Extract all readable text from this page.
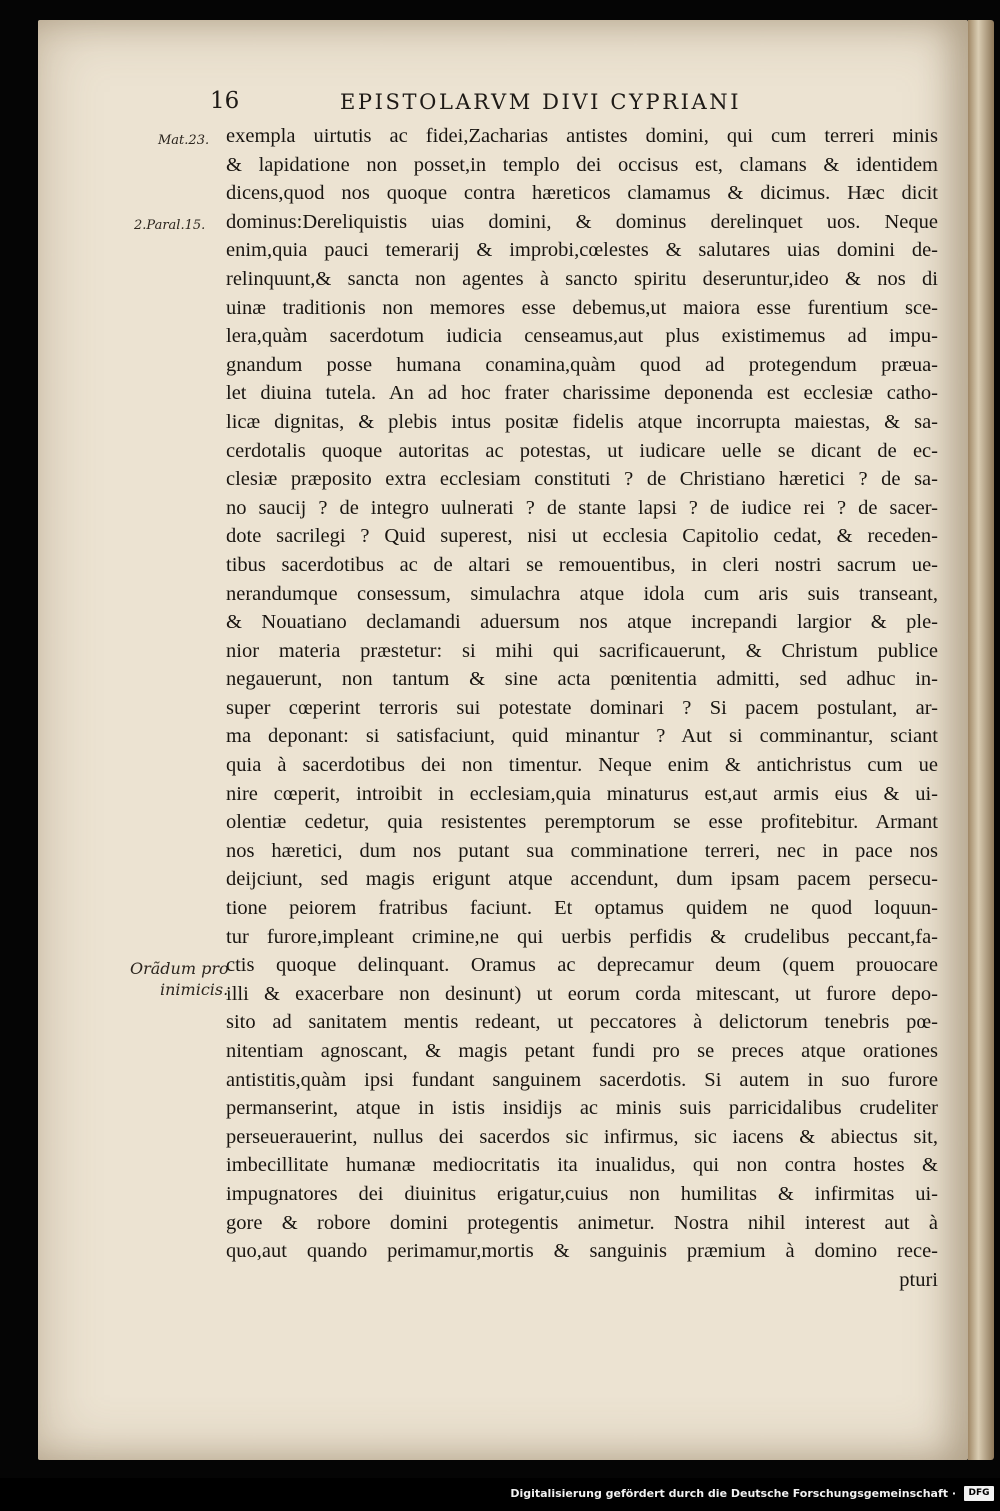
16	EPISTOLARVM DIVI CYPRIANI
Mat.23.
2.Paral.15.
Orãdum pro
inimicis.
exempla uirtutis ac fidei,Zacharias antistes domini, qui cum terreri minis
& lapidatione non posset,in templo dei occisus est, clamans & identidem
dicens,quod nos quoque contra hæreticos clamamus & dicimus. Hæc dicit
dominus:Dereliquistis uias domini, & dominus derelinquet uos. Neque
enim,quia pauci temerarij & improbi,cœlestes & salutares uias domini de-
relinquunt,& sancta non agentes à sancto spiritu deseruntur,ideo & nos di
uinæ traditionis non memores esse debemus,ut maiora esse furentium sce-
lera,quàm sacerdotum iudicia censeamus,aut plus existimemus ad impu-
gnandum posse humana conamina,quàm quod ad protegendum præua-
let diuina tutela. An ad hoc frater charissime deponenda est ecclesiæ catho-
licæ dignitas, & plebis intus positæ fidelis atque incorrupta maiestas, & sa-
cerdotalis quoque autoritas ac potestas, ut iudicare uelle se dicant de ec-
clesiæ præposito extra ecclesiam constituti ? de Christiano hæretici ? de sa-
no saucij ? de integro uulnerati ? de stante lapsi ? de iudice rei ? de sacer-
dote sacrilegi ? Quid superest, nisi ut ecclesia Capitolio cedat, & receden-
tibus sacerdotibus ac de altari se remouentibus, in cleri nostri sacrum ue-
nerandumque consessum, simulachra atque idola cum aris suis transeant,
& Nouatiano declamandi aduersum nos atque increpandi largior & ple-
nior materia præstetur: si mihi qui sacrificauerunt, & Christum publice
negauerunt, non tantum & sine acta pœnitentia admitti, sed adhuc in-
super cœperint terroris sui potestate dominari ? Si pacem postulant, ar-
ma deponant: si satisfaciunt, quid minantur ? Aut si comminantur, sciant
quia à sacerdotibus dei non timentur. Neque enim & antichristus cum ue
nire cœperit, introibit in ecclesiam,quia minaturus est,aut armis eius & ui-
olentiæ cedetur, quia resistentes peremptorum se esse profitebitur. Armant
nos hæretici, dum nos putant sua comminatione terreri, nec in pace nos
deijciunt, sed magis erigunt atque accendunt, dum ipsam pacem persecu-
tione peiorem fratribus faciunt. Et optamus quidem ne quod loquun-
tur furore,impleant crimine,ne qui uerbis perfidis & crudelibus peccant,fa-
ctis quoque delinquant. Oramus ac deprecamur deum (quem prouocare
illi & exacerbare non desinunt) ut eorum corda mitescant, ut furore depo-
sito ad sanitatem mentis redeant, ut peccatores à delictorum tenebris pœ-
nitentiam agnoscant, & magis petant fundi pro se preces atque orationes
antistitis,quàm ipsi fundant sanguinem sacerdotis. Si autem in suo furore
permanserint, atque in istis insidijs ac minis suis parricidalibus crudeliter
perseuerauerint, nullus dei sacerdos sic infirmus, sic iacens & abiectus sit,
imbecillitate humanæ mediocritatis ita inualidus, qui non contra hostes &
impugnatores dei diuinitus erigatur,cuius non humilitas & infirmitas ui-
gore & robore domini protegentis animetur. Nostra nihil interest aut à
quo,aut quando perimamur,mortis & sanguinis præmium à domino rece-
pturi
Digitalisierung gefördert durch die Deutsche Forschungsgemeinschaft ·	DFG
